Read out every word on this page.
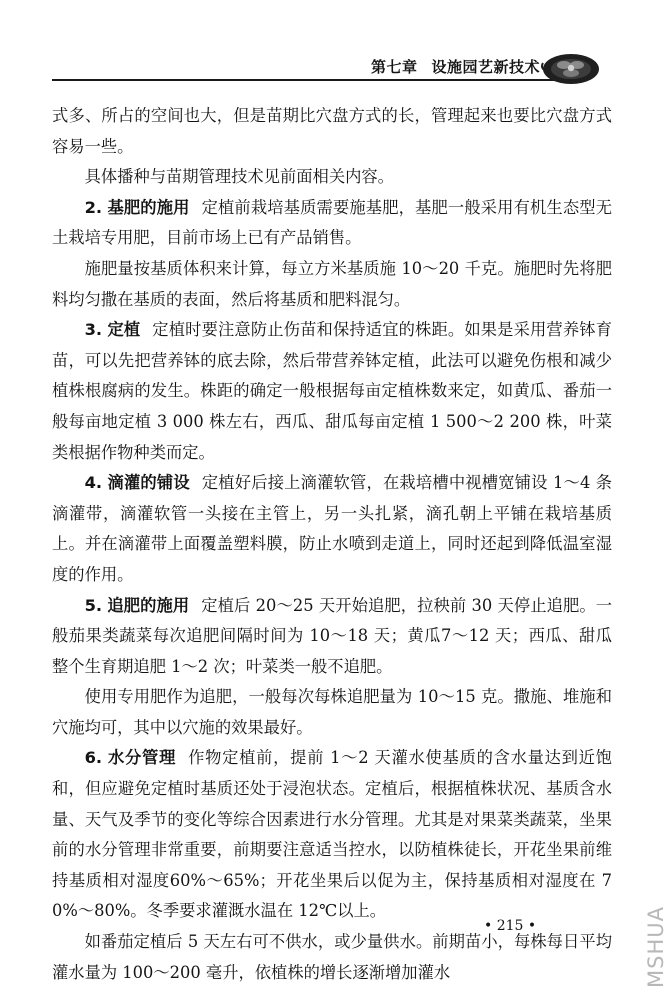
第七章 设施园艺新技术

式多、所占的空间也大，但是苗期比穴盘方式的长，管理起来也要比穴盘方式容易一些。

具体播种与苗期管理技术见前面相关内容。

2. 基肥的施用 定植前栽培基质需要施基肥，基肥一般采用有机生态型无土栽培专用肥，目前市场上已有产品销售。

施肥量按基质体积来计算，每立方米基质施 10～20 千克。施肥时先将肥料均匀撒在基质的表面，然后将基质和肥料混匀。

3. 定植 定植时要注意防止伤苗和保持适宜的株距。如果是采用营养钵育苗，可以先把营养钵的底去除，然后带营养钵定植，此法可以避免伤根和减少植株根腐病的发生。株距的确定一般根据每亩定植株数来定，如黄瓜、番茄一般每亩地定植 3 000 株左右，西瓜、甜瓜每亩定植 1 500～2 200 株，叶菜类根据作物种类而定。

4. 滴灌的铺设 定植好后接上滴灌软管，在栽培槽中视槽宽铺设 1～4 条滴灌带，滴灌软管一头接在主管上，另一头扎紧，滴孔朝上平铺在栽培基质上。并在滴灌带上面覆盖塑料膜，防止水喷到走道上，同时还起到降低温室湿度的作用。

5. 追肥的施用 定植后 20～25 天开始追肥，拉秧前 30 天停止追肥。一般茄果类蔬菜每次追肥间隔时间为 10～18 天；黄瓜7～12 天；西瓜、甜瓜整个生育期追肥 1～2 次；叶菜类一般不追肥。

使用专用肥作为追肥，一般每次每株追肥量为 10～15 克。撒施、堆施和穴施均可，其中以穴施的效果最好。

6. 水分管理 作物定植前，提前 1～2 天灌水使基质的含水量达到近饱和，但应避免定植时基质还处于浸泡状态。定植后，根据植株状况、基质含水量、天气及季节的变化等综合因素进行水分管理。尤其是对果菜类蔬菜，坐果前的水分管理非常重要，前期要注意适当控水，以防植株徒长，开花坐果前维持基质相对湿度60%～65%；开花坐果后以促为主，保持基质相对湿度在 70%～80%。冬季要求灌溉水温在 12℃以上。

如番茄定植后 5 天左右可不供水，或少量供水。前期苗小，每株每日平均灌水量为 100～200 毫升，依植株的增长逐渐增加灌水

• 215 •	MSHUA
